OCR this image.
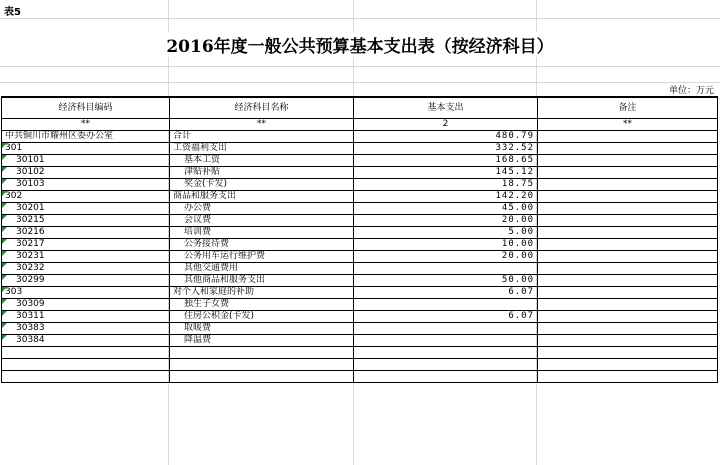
表5
2016年度一般公共预算基本支出表（按经济科目）
单位：万元
经济科目编码	经济科目名称	基本支出	备注
**	**	2	**
中共铜川市耀州区委办公室	合计	480.79	

301	工资福利支出	332.52	

30101	基本工资	168.65	

30102	津贴补贴	145.12	

30103	奖金(卡发)	18.75	

302	商品和服务支出	142.20	

30201	办公费	45.00	

30215	会议费	20.00	

30216	培训费	5.00	

30217	公务接待费	10.00	

30231	公务用车运行维护费	20.00	

30232	其他交通费用		

30299	其他商品和服务支出	50.00	

303	对个人和家庭的补助	6.07	

30309	独生子女费		

30311	住房公积金(卡发)	6.07	

30383	取暖费		

30384	降温费		
